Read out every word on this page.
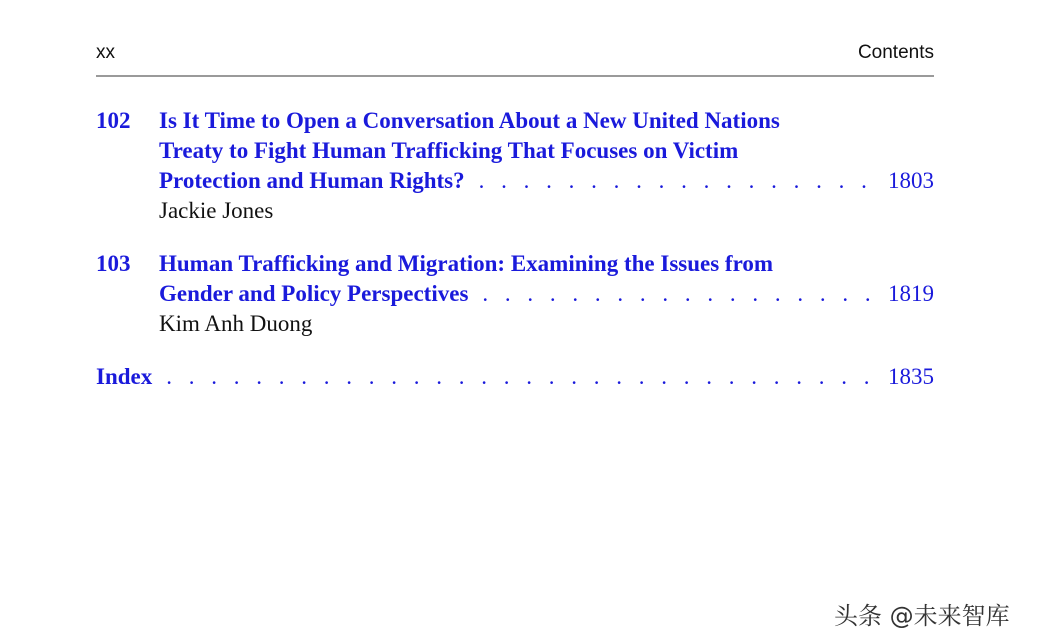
xx	Contents
102 Is It Time to Open a Conversation About a New United Nations
Treaty to Fight Human Trafficking That Focuses on Victim
Protection and Human Rights? . . .	1803
Jackie Jones
103 Human Trafficking and Migration: Examining the Issues from
Gender and Policy Perspectives . . .	1819
Kim Anh Duong
Index . . .	1835
头条 @未来智库
